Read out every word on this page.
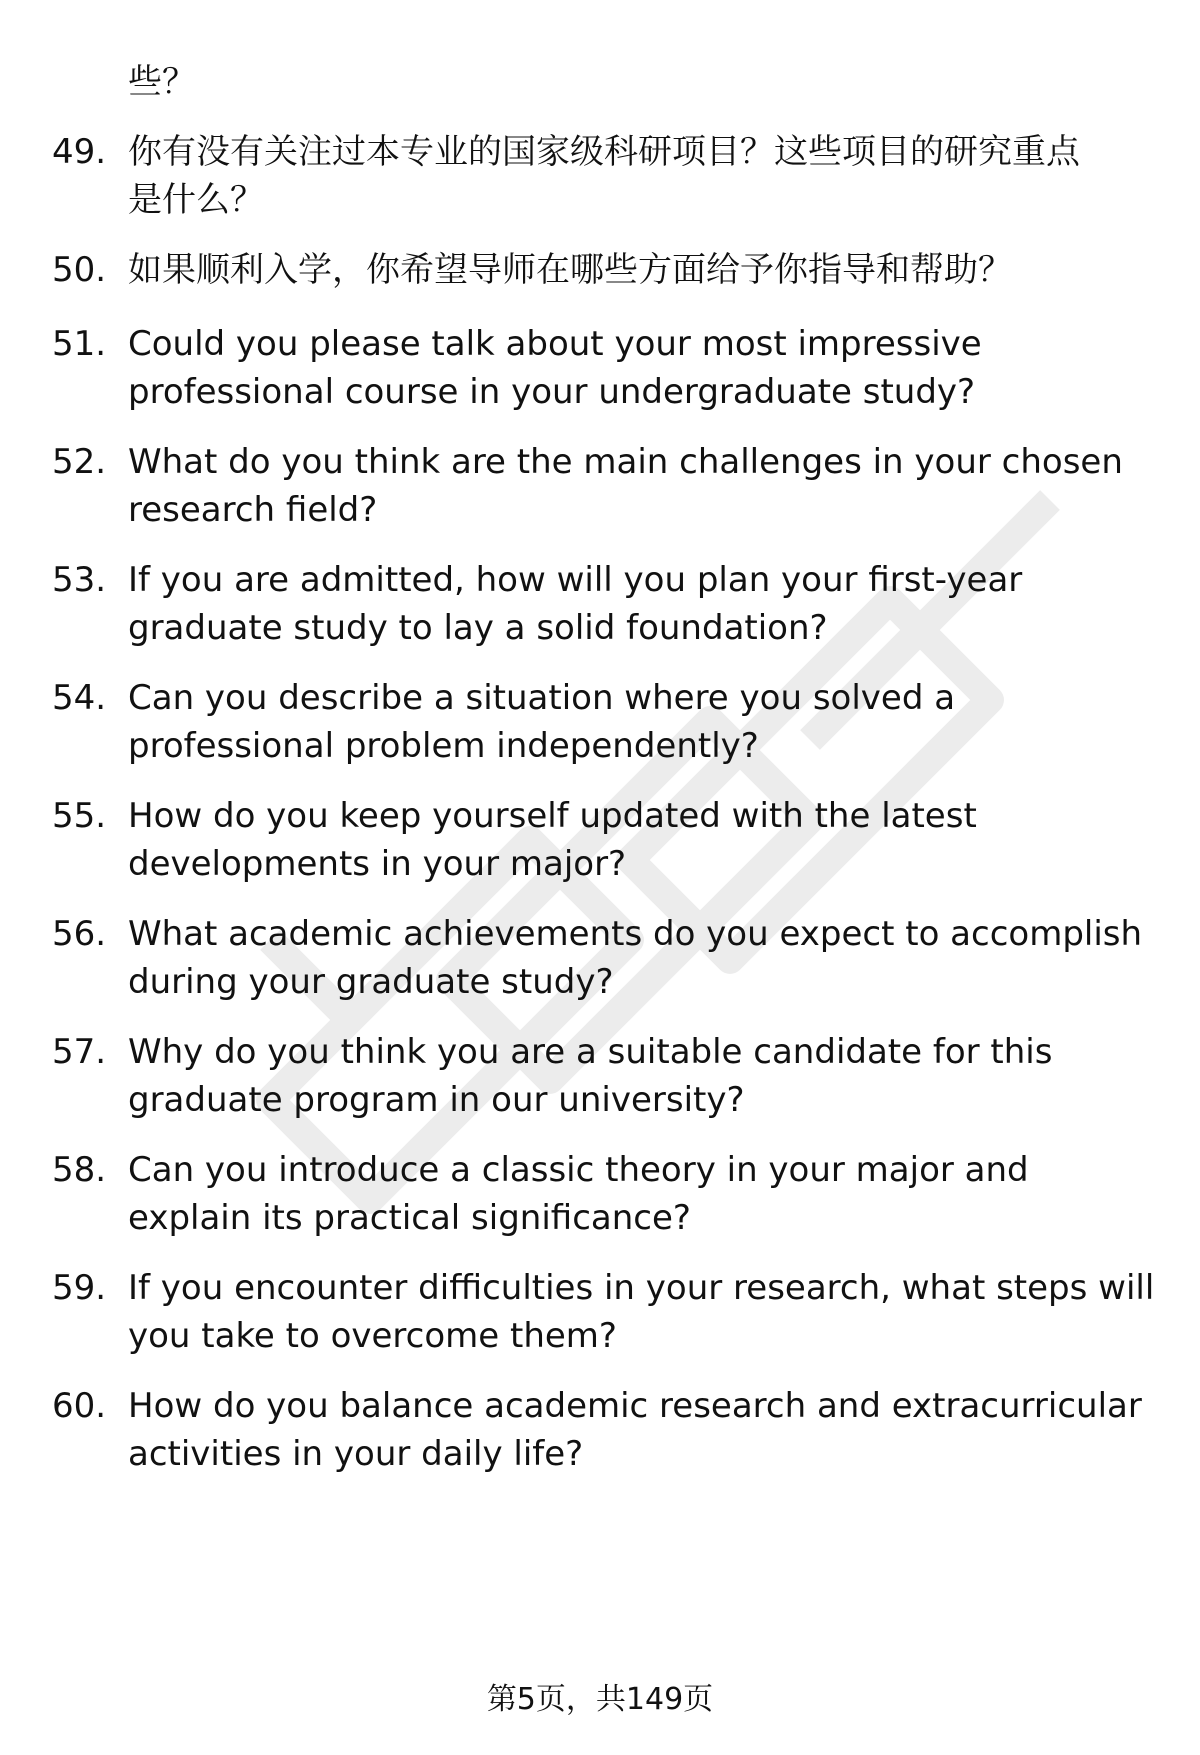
些？
49. 你有没有关注过本专业的国家级科研项目？这些项目的研究重点
是什么？
50. 如果顺利入学，你希望导师在哪些方面给予你指导和帮助？
51. Could you please talk about your most impressive
professional course in your undergraduate study?
52. What do you think are the main challenges in your chosen
research field?
53. If you are admitted, how will you plan your first-year
graduate study to lay a solid foundation?
54. Can you describe a situation where you solved a
professional problem independently?
55. How do you keep yourself updated with the latest
developments in your major?
56. What academic achievements do you expect to accomplish
during your graduate study?
57. Why do you think you are a suitable candidate for this
graduate program in our university?
58. Can you introduce a classic theory in your major and
explain its practical significance?
59. If you encounter difficulties in your research, what steps will
you take to overcome them?
60. How do you balance academic research and extracurricular
activities in your daily life?
第5页，共149页
